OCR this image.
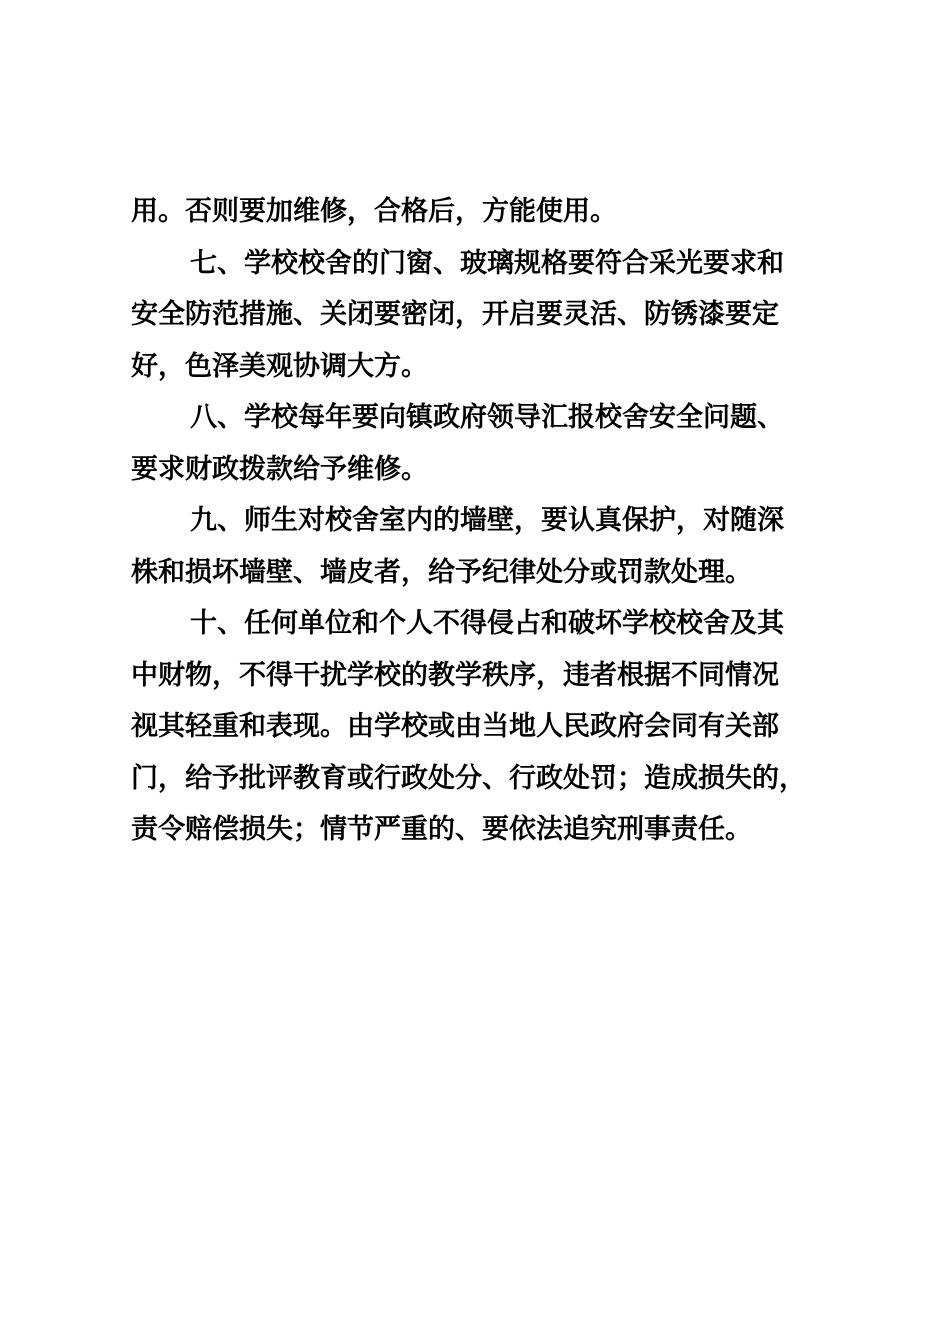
用。否则要加维修，合格后，方能使用。

七、学校校舍的门窗、玻璃规格要符合采光要求和
安全防范措施、关闭要密闭，开启要灵活、防锈漆要定
好，色泽美观协调大方。

八、学校每年要向镇政府领导汇报校舍安全问题、
要求财政拨款给予维修。

九、师生对校舍室内的墙壁，要认真保护，对随深
株和损坏墙壁、墙皮者，给予纪律处分或罚款处理。

十、任何单位和个人不得侵占和破坏学校校舍及其
中财物，不得干扰学校的教学秩序，违者根据不同情况
视其轻重和表现。由学校或由当地人民政府会同有关部
门，给予批评教育或行政处分、行政处罚；造成损失的，
责令赔偿损失；情节严重的、要依法追究刑事责任。
